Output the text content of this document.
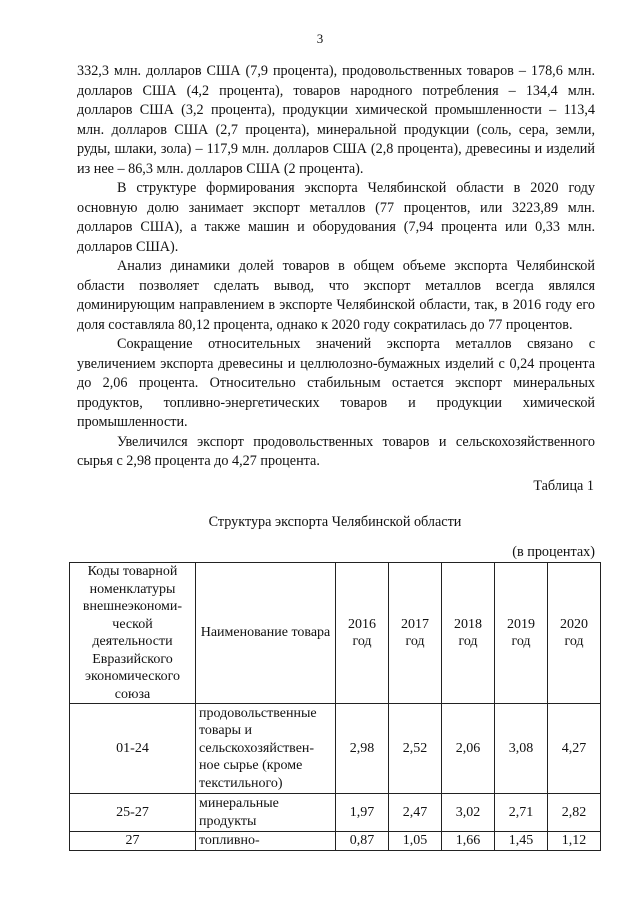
3

332,3 млн. долларов США (7,9 процента), продовольственных товаров – 178,6 млн. долларов США (4,2 процента), товаров народного потребления – 134,4 млн. долларов США (3,2 процента), продукции химической промышленности – 113,4 млн. долларов США (2,7 процента), минеральной продукции (соль, сера, земли, руды, шлаки, зола) – 117,9 млн. долларов США (2,8 процента), древесины и изделий из нее – 86,3 млн. долларов США (2 процента).

В структуре формирования экспорта Челябинской области в 2020 году основную долю занимает экспорт металлов (77 процентов, или 3223,89 млн. долларов США), а также машин и оборудования (7,94 процента или 0,33 млн. долларов США).

Анализ динамики долей товаров в общем объеме экспорта Челябинской области позволяет сделать вывод, что экспорт металлов всегда являлся доминирующим направлением в экспорте Челябинской области, так, в 2016 году его доля составляла 80,12 процента, однако к 2020 году сократилась до 77 процентов.

Сокращение относительных значений экспорта металлов связано с увеличением экспорта древесины и целлюлозно-бумажных изделий с 0,24 процента до 2,06 процента. Относительно стабильным остается экспорт минеральных продуктов, топливно-энергетических товаров и продукции химической промышленности.

Увеличился экспорт продовольственных товаров и сельскохозяйственного сырья с 2,98 процента до 4,27 процента.

Таблица 1
Структура экспорта Челябинской области
(в процентах)
Коды товарной номенклатуры внешнеэкономи-ческой деятельности Евразийского экономического союза	Наименование товара	2016 год	2017 год	2018 год	2019 год	2020 год
01-24	продовольственные товары и сельскохозяйствен-ное сырье (кроме текстильного)	2,98	2,52	2,06	3,08	4,27
25-27	минеральные продукты	1,97	2,47	3,02	2,71	2,82
27	топливно-	0,87	1,05	1,66	1,45	1,12
